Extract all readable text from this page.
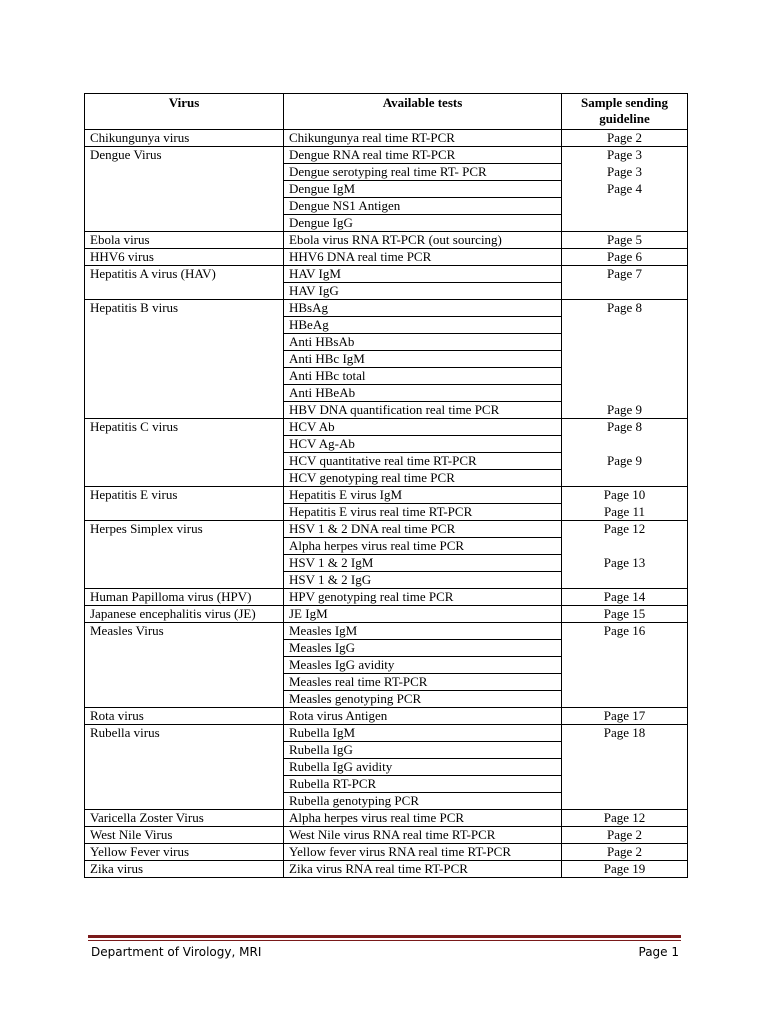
Virus	Available tests	Sample sending guideline
Chikungunya virus	Chikungunya real time RT-PCR	Page 2
Dengue Virus	Dengue RNA real time RT-PCR	Page 3
	Dengue serotyping real time RT- PCR	Page 3
	Dengue IgM	Page 4
	Dengue NS1 Antigen	
	Dengue IgG	
Ebola virus	Ebola virus RNA RT-PCR (out sourcing)	Page 5
HHV6 virus	HHV6 DNA real time PCR	Page 6
Hepatitis A virus (HAV)	HAV IgM	Page 7
	HAV IgG	
Hepatitis B virus	HBsAg	Page 8
	HBeAg	
	Anti HBsAb	
	Anti HBc IgM	
	Anti HBc total	
	Anti HBeAb	
	HBV DNA quantification real time PCR	Page 9
Hepatitis C virus	HCV Ab	Page 8
	HCV Ag-Ab	
	HCV quantitative real time RT-PCR	Page 9
	HCV genotyping real time PCR	
Hepatitis E virus	Hepatitis E virus IgM	Page 10
	Hepatitis E virus real time RT-PCR	Page 11
Herpes Simplex virus	HSV 1 & 2 DNA real time PCR	Page 12
	Alpha herpes virus real time PCR	
	HSV 1 & 2 IgM	Page 13
	HSV 1 & 2 IgG	
Human Papilloma virus (HPV)	HPV genotyping real time PCR	Page 14
Japanese encephalitis virus (JE)	JE IgM	Page 15
Measles Virus	Measles IgM	Page 16
	Measles IgG	
	Measles IgG avidity	
	Measles real time RT-PCR	
	Measles genotyping PCR	
Rota virus	Rota virus Antigen	Page 17
Rubella virus	Rubella IgM	Page 18
	Rubella IgG	
	Rubella IgG avidity	
	Rubella RT-PCR	
	Rubella genotyping PCR	
Varicella Zoster Virus	Alpha herpes virus real time PCR	Page 12
West Nile Virus	West Nile virus RNA real time RT-PCR	Page 2
Yellow Fever virus	Yellow fever virus RNA real time RT-PCR	Page 2
Zika virus	Zika virus RNA real time RT-PCR	Page 19
Department of Virology, MRI	Page 1
